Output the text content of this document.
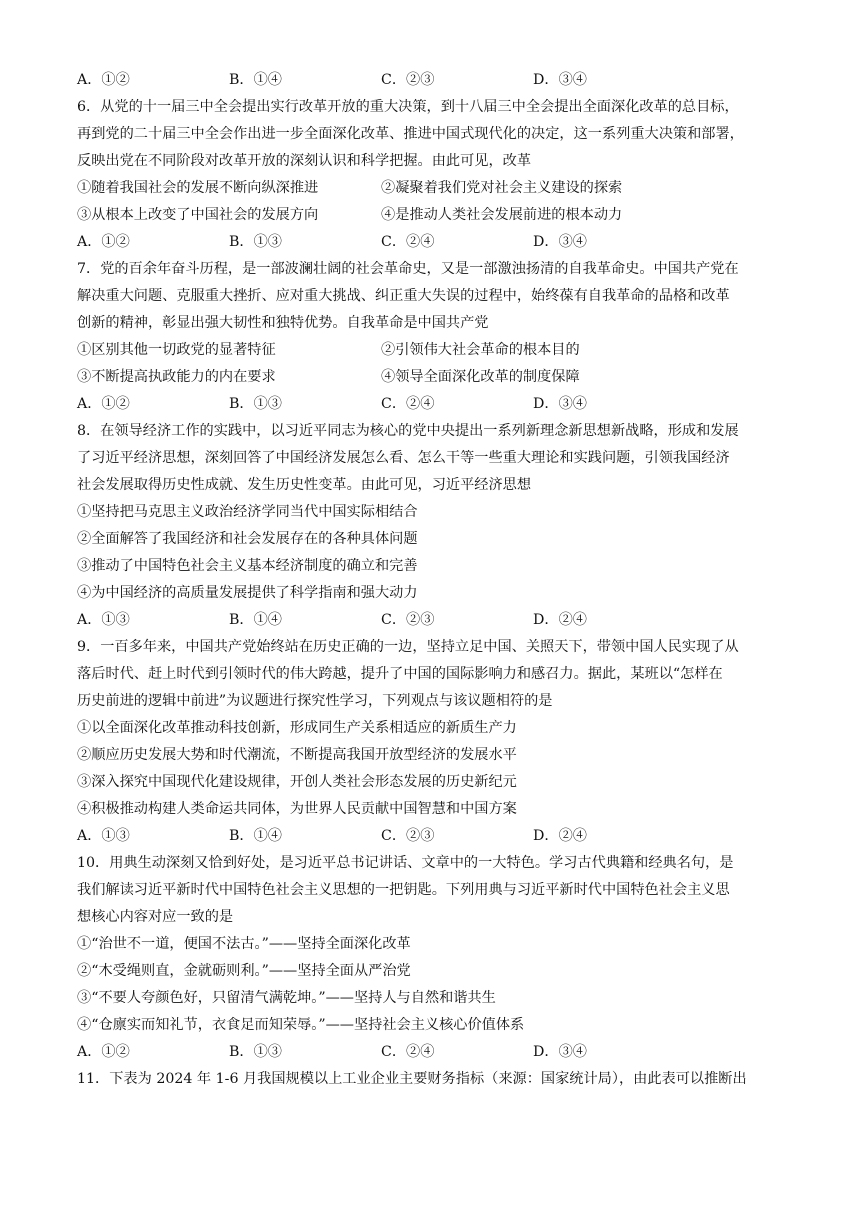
A．①②	B．①④	C．②③	D．③④
6．从党的十一届三中全会提出实行改革开放的重大决策，到十八届三中全会提出全面深化改革的总目标，
再到党的二十届三中全会作出进一步全面深化改革、推进中国式现代化的决定，这一系列重大决策和部署，
反映出党在不同阶段对改革开放的深刻认识和科学把握。由此可见，改革
①随着我国社会的发展不断向纵深推进	②凝聚着我们党对社会主义建设的探索
③从根本上改变了中国社会的发展方向	④是推动人类社会发展前进的根本动力
A．①②	B．①③	C．②④	D．③④
7．党的百余年奋斗历程，是一部波澜壮阔的社会革命史，又是一部激浊扬清的自我革命史。中国共产党在
解决重大问题、克服重大挫折、应对重大挑战、纠正重大失误的过程中，始终葆有自我革命的品格和改革
创新的精神，彰显出强大韧性和独特优势。自我革命是中国共产党
①区别其他一切政党的显著特征	②引领伟大社会革命的根本目的
③不断提高执政能力的内在要求	④领导全面深化改革的制度保障
A．①②	B．①③	C．②④	D．③④
8．在领导经济工作的实践中，以习近平同志为核心的党中央提出一系列新理念新思想新战略，形成和发展
了习近平经济思想，深刻回答了中国经济发展怎么看、怎么干等一些重大理论和实践问题，引领我国经济
社会发展取得历史性成就、发生历史性变革。由此可见，习近平经济思想
①坚持把马克思主义政治经济学同当代中国实际相结合
②全面解答了我国经济和社会发展存在的各种具体问题
③推动了中国特色社会主义基本经济制度的确立和完善
④为中国经济的高质量发展提供了科学指南和强大动力
A．①③	B．①④	C．②③	D．②④
9．一百多年来，中国共产党始终站在历史正确的一边，坚持立足中国、关照天下，带领中国人民实现了从
落后时代、赶上时代到引领时代的伟大跨越，提升了中国的国际影响力和感召力。据此，某班以“怎样在
历史前进的逻辑中前进”为议题进行探究性学习，下列观点与该议题相符的是
①以全面深化改革推动科技创新，形成同生产关系相适应的新质生产力
②顺应历史发展大势和时代潮流，不断提高我国开放型经济的发展水平
③深入探究中国现代化建设规律，开创人类社会形态发展的历史新纪元
④积极推动构建人类命运共同体，为世界人民贡献中国智慧和中国方案
A．①③	B．①④	C．②③	D．②④
10．用典生动深刻又恰到好处，是习近平总书记讲话、文章中的一大特色。学习古代典籍和经典名句，是
我们解读习近平新时代中国特色社会主义思想的一把钥匙。下列用典与习近平新时代中国特色社会主义思
想核心内容对应一致的是
①“治世不一道，便国不法古。”——坚持全面深化改革
②“木受绳则直，金就砺则利。”——坚持全面从严治党
③“不要人夸颜色好，只留清气满乾坤。”——坚持人与自然和谐共生
④“仓廪实而知礼节，衣食足而知荣辱。”——坚持社会主义核心价值体系
A．①②	B．①③	C．②④	D．③④
11．下表为 2024 年 1-6 月我国规模以上工业企业主要财务指标（来源：国家统计局），由此表可以推断出
